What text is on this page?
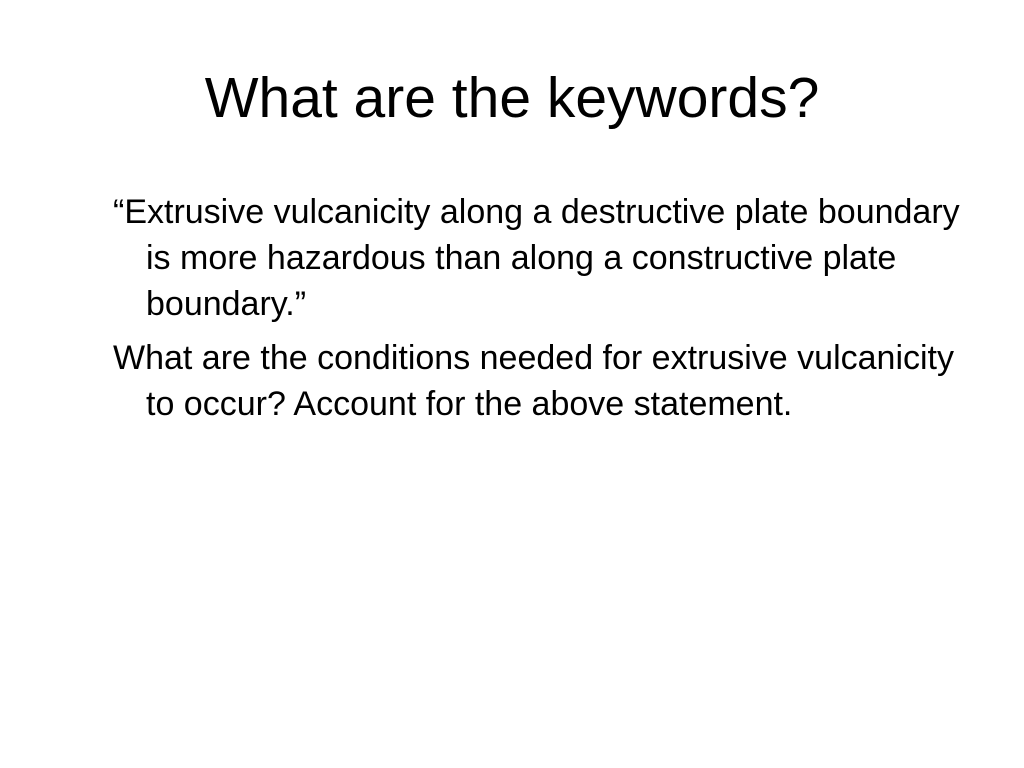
What are the keywords?

“Extrusive vulcanicity along a destructive plate boundary is more hazardous than along a constructive plate boundary.”

What are the conditions needed for extrusive vulcanicity to occur? Account for the above statement.
